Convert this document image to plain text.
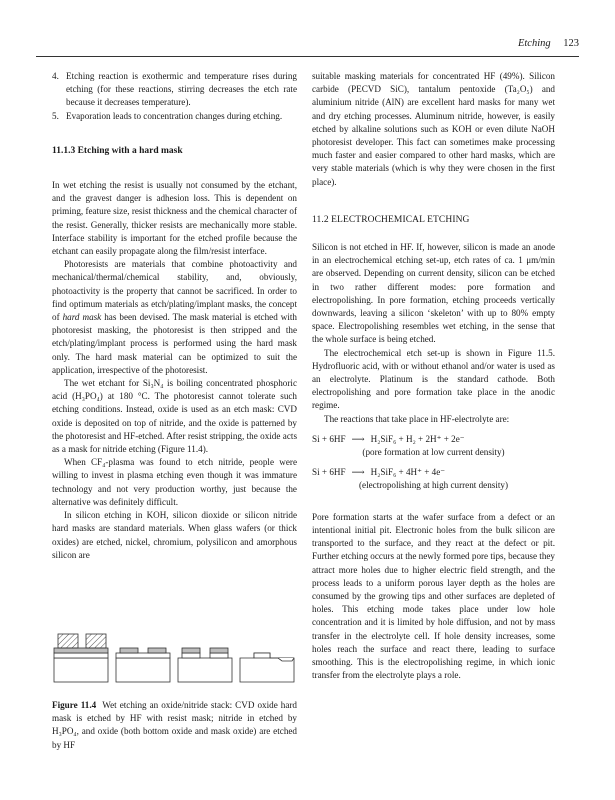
Etching 123
4. Etching reaction is exothermic and temperature rises during etching (for these reactions, stirring decreases the etch rate because it decreases temperature).
5. Evaporation leads to concentration changes during etching.
11.1.3 Etching with a hard mask

In wet etching the resist is usually not consumed by the etchant, and the gravest danger is adhesion loss. This is dependent on priming, feature size, resist thickness and the chemical character of the resist. Generally, thicker resists are mechanically more stable. Interface stability is important for the etched profile because the etchant can easily propagate along the film/resist interface.

Photoresists are materials that combine photoactivity and mechanical/thermal/chemical stability, and, obviously, photoactivity is the property that cannot be sacrificed. In order to find optimum materials as etch/plating/implant masks, the concept of hard mask has been devised. The mask material is etched with photoresist masking, the photoresist is then stripped and the etch/plating/implant process is performed using the hard mask only. The hard mask material can be optimized to suit the application, irrespective of the photoresist.

The wet etchant for Si₃N₄ is boiling concentrated phosphoric acid (H₃PO₄) at 180 °C. The photoresist cannot tolerate such etching conditions. Instead, oxide is used as an etch mask: CVD oxide is deposited on top of nitride, and the oxide is patterned by the photoresist and HF-etched. After resist stripping, the oxide acts as a mask for nitride etching (Figure 11.4).

When CF₄-plasma was found to etch nitride, people were willing to invest in plasma etching even though it was immature technology and not very production worthy, just because the alternative was definitely difficult.

In silicon etching in KOH, silicon dioxide or silicon nitride hard masks are standard materials. When glass wafers (or thick oxides) are etched, nickel, chromium, polysilicon and amorphous silicon are

Figure 11.4 Wet etching an oxide/nitride stack: CVD oxide hard mask is etched by HF with resist mask; nitride in etched by H₃PO₄, and oxide (both bottom oxide and mask oxide) are etched by HF

suitable masking materials for concentrated HF (49%). Silicon carbide (PECVD SiC), tantalum pentoxide (Ta₂O₅) and aluminium nitride (AlN) are excellent hard masks for many wet and dry etching processes. Aluminum nitride, however, is easily etched by alkaline solutions such as KOH or even dilute NaOH photoresist developer. This fact can sometimes make processing much faster and easier compared to other hard masks, which are very stable materials (which is why they were chosen in the first place).

11.2 ELECTROCHEMICAL ETCHING

Silicon is not etched in HF. If, however, silicon is made an anode in an electrochemical etching set-up, etch rates of ca. 1 μm/min are observed. Depending on current density, silicon can be etched in two rather different modes: pore formation and electropolishing. In pore formation, etching proceeds vertically downwards, leaving a silicon ‘skeleton’ with up to 80% empty space. Electropolishing resembles wet etching, in the sense that the whole surface is being etched.

The electrochemical etch set-up is shown in Figure 11.5. Hydrofluoric acid, with or without ethanol and/or water is used as an electrolyte. Platinum is the standard cathode. Both electropolishing and pore formation take place in the anodic regime.

The reactions that take place in HF-electrolyte are:

Si + 6HF ⟶ H₂SiF₆ + H₂ + 2H⁺ + 2e⁻

(pore formation at low current density)

Si + 6HF ⟶ H₂SiF₆ + 4H⁺ + 4e⁻

(electropolishing at high current density)

Pore formation starts at the wafer surface from a defect or an intentional initial pit. Electronic holes from the bulk silicon are transported to the surface, and they react at the defect or pit. Further etching occurs at the newly formed pore tips, because they attract more holes due to higher electric field strength, and the process leads to a uniform porous layer depth as the holes are consumed by the growing tips and other surfaces are depleted of holes. This etching mode takes place under low hole concentration and it is limited by hole diffusion, and not by mass transfer in the electrolyte cell. If hole density increases, some holes reach the surface and react there, leading to surface smoothing. This is the electropolishing regime, in which ionic transfer from the electrolyte plays a role.
